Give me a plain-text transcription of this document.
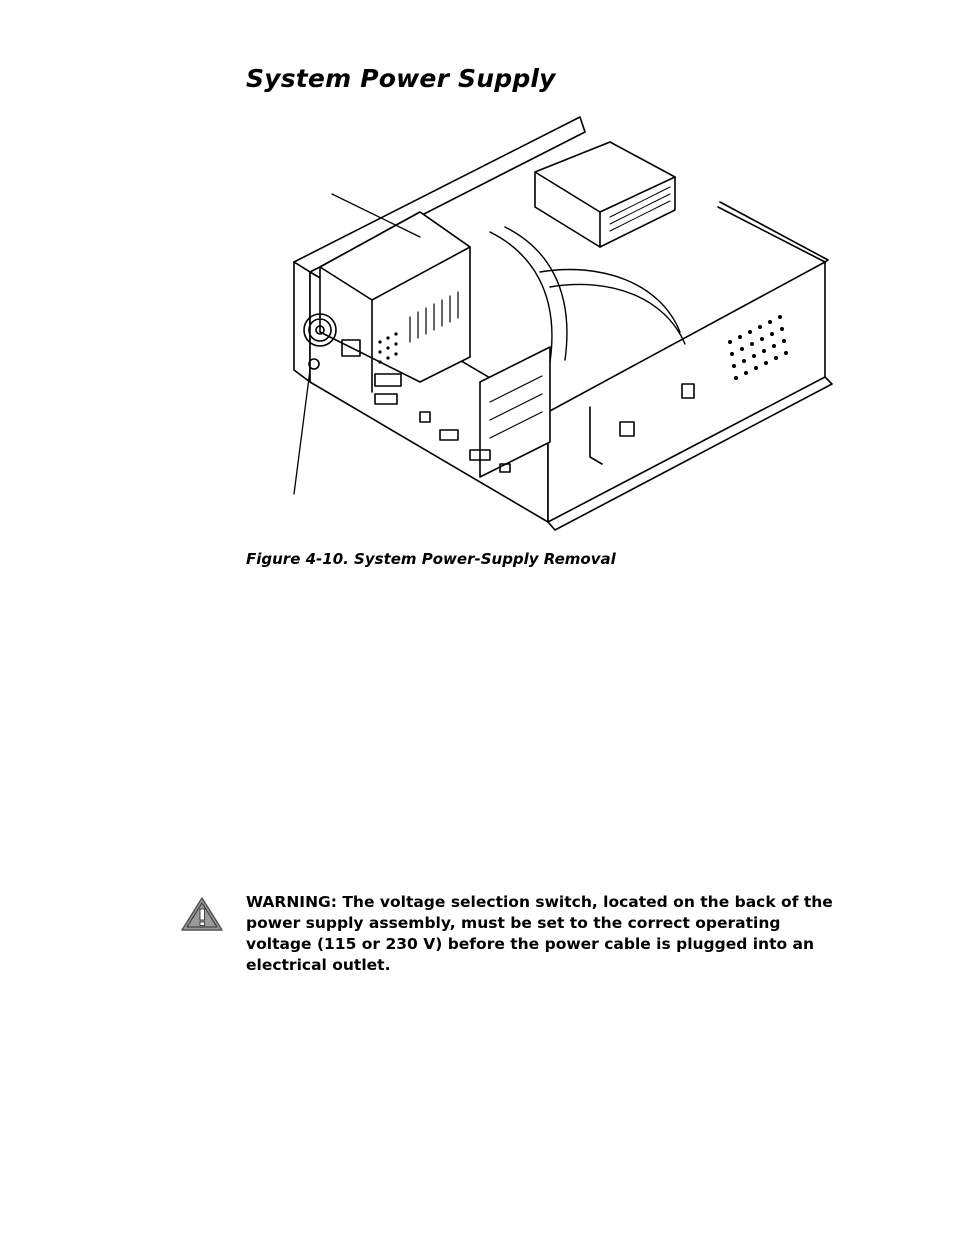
System Power Supply

Figure 4-10. System Power-Supply Removal

WARNING: The voltage selection switch, located on the back of the power supply assembly, must be set to the correct operating voltage (115 or 230 V) before the power cable is plugged into an electrical outlet.
